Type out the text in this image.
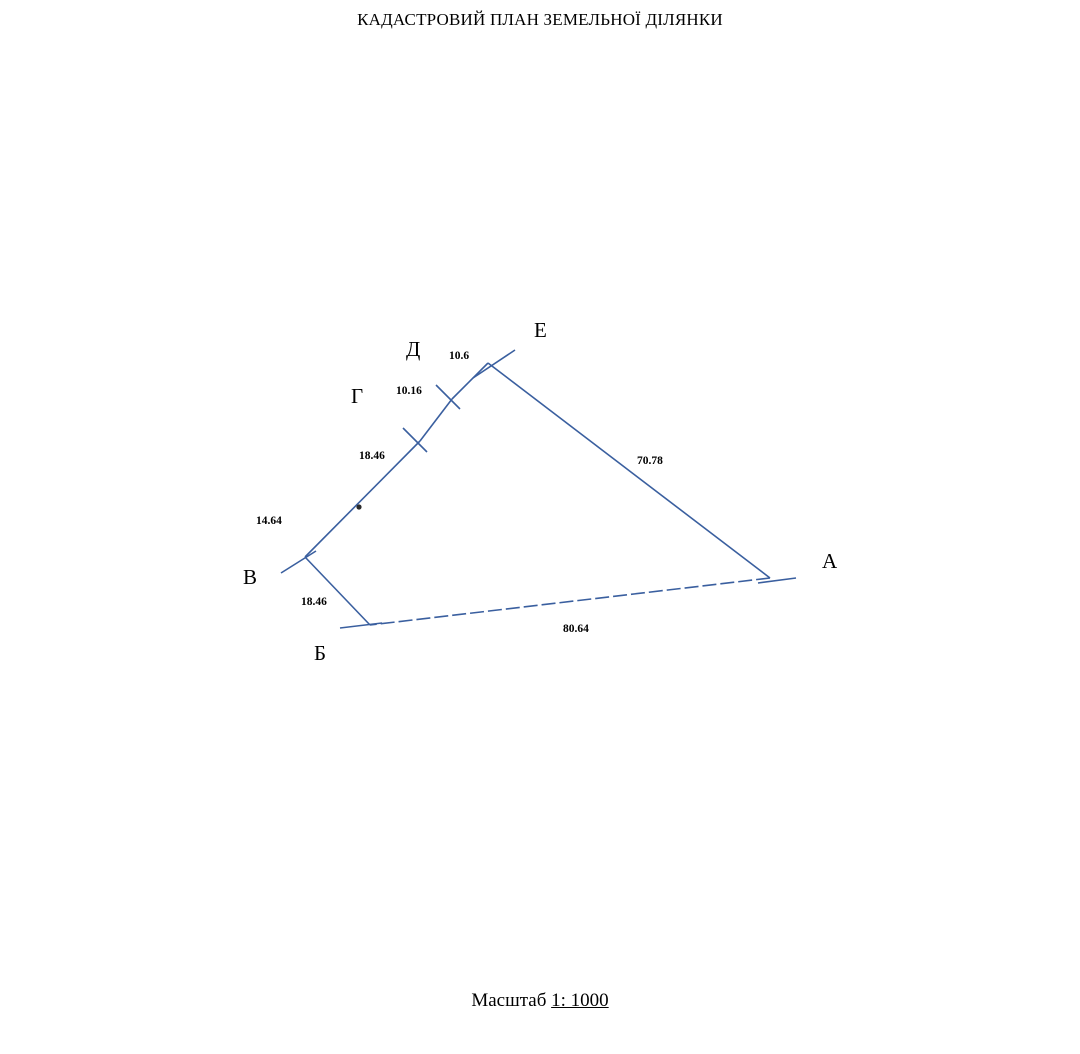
КАДАСТРОВИЙ ПЛАН ЗЕМЕЛЬНОЇ ДІЛЯНКИ
А
Б
В
Г
Д
Е
80.64
18.46
18.46
10.16
10.6
70.78
14.64
Масштаб 1: 1000
